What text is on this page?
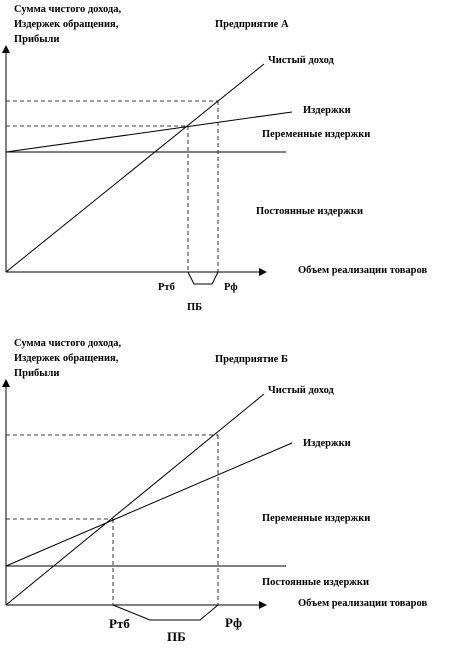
Сумма чистого дохода,
Издержек обращения,
Прибыли
Предприятие А
Чистый доход
Издержки
Переменные издержки
Постоянные издержки
Объем реализации товаров
Ртб	Рф
ПБ
Сумма чистого дохода,
Издержек обращения,
Прибыли
Предприятие Б
Чистый доход
Издержки
Переменные издержки
Постоянные издержки
Объем реализации товаров
Ртб	Рф
ПБ
